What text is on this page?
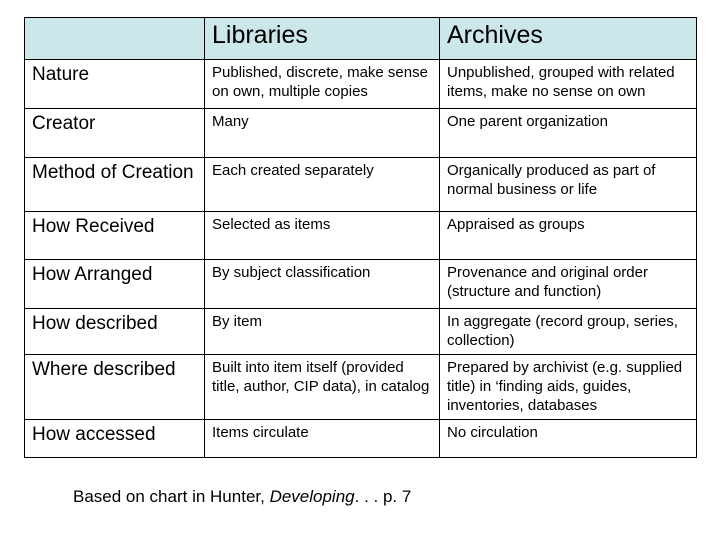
	Libraries	Archives
Nature	Published, discrete, make sense on own, multiple copies	Unpublished, grouped with related items, make no sense on own
Creator	Many	One parent organization
Method of Creation	Each created separately	Organically produced as part of normal business or life
How Received	Selected as items	Appraised as groups
How Arranged	By subject classification	Provenance and original order (structure and function)
How described	By item	In aggregate (record group, series, collection)
Where described	Built into item itself (provided title, author, CIP data), in catalog	Prepared by archivist (e.g. supplied title) in ‘finding aids, guides, inventories, databases
How accessed	Items circulate	No circulation
Based on chart in Hunter, Developing. . . p. 7
